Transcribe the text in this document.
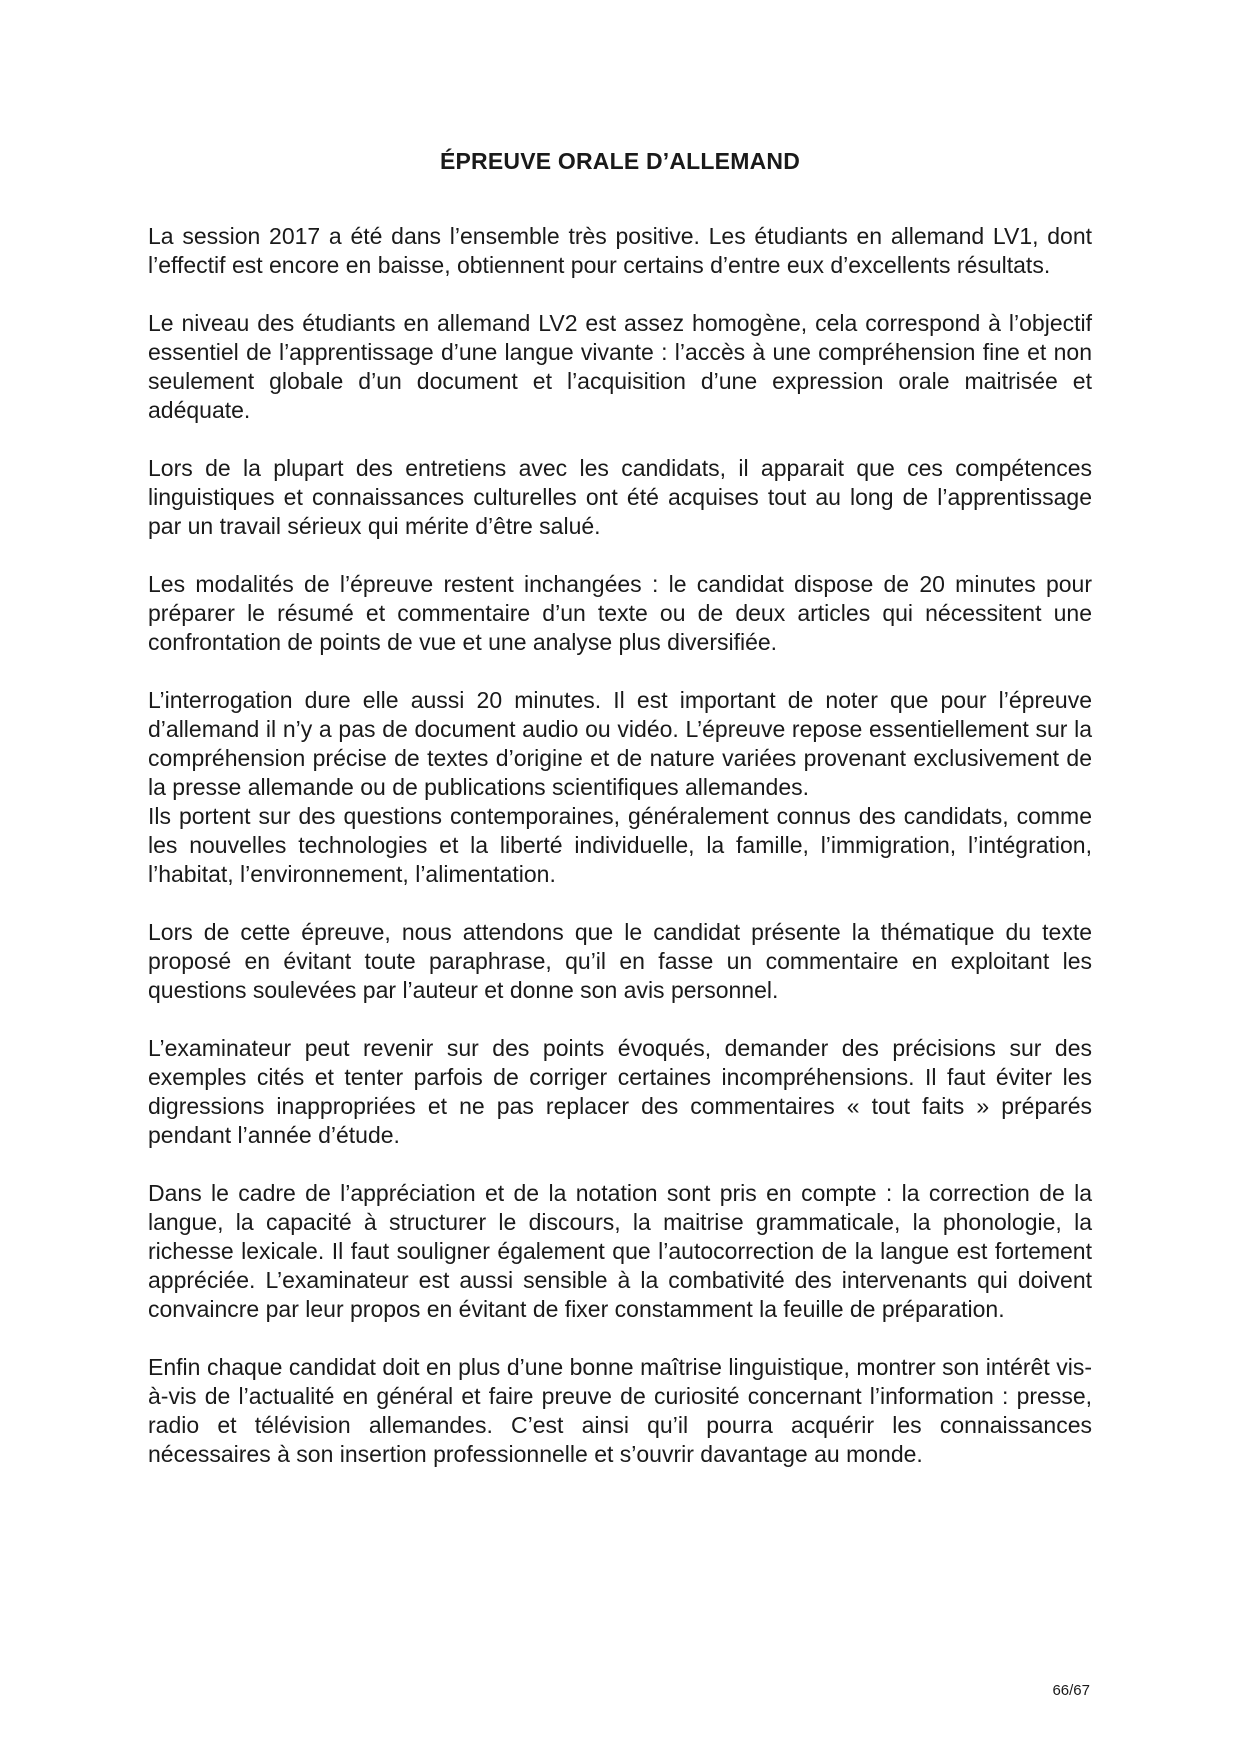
ÉPREUVE ORALE D’ALLEMAND

La session 2017 a été dans l’ensemble très positive. Les étudiants en allemand LV1, dont l’effectif est encore en baisse, obtiennent pour certains d’entre eux d’excellents résultats.

Le niveau des étudiants en allemand LV2 est assez homogène, cela correspond à l’objectif essentiel de l’apprentissage d’une langue vivante : l’accès à une compréhension fine et non seulement globale d’un document et l’acquisition d’une expression orale maitrisée et adéquate.

Lors de la plupart des entretiens avec les candidats, il apparait que ces compétences linguistiques et connaissances culturelles ont été acquises tout au long de l’apprentissage par un travail sérieux qui mérite d’être salué.

Les modalités de l’épreuve restent inchangées : le candidat dispose de 20 minutes pour préparer le résumé et commentaire d’un texte ou de deux articles qui nécessitent une confrontation de points de vue et une analyse plus diversifiée.

L’interrogation dure elle aussi 20 minutes. Il est important de noter que pour l’épreuve d’allemand il n’y a pas de document audio ou vidéo. L’épreuve repose essentiellement sur la compréhension précise de textes d’origine et de nature variées provenant exclusivement de la presse allemande ou de publications scientifiques allemandes.

Ils portent sur des questions contemporaines, généralement connus des candidats, comme les nouvelles technologies et la liberté individuelle, la famille, l’immigration, l’intégration, l’habitat, l’environnement, l’alimentation.

Lors de cette épreuve, nous attendons que le candidat présente la thématique du texte proposé en évitant toute paraphrase, qu’il en fasse un commentaire en exploitant les questions soulevées par l’auteur et donne son avis personnel.

L’examinateur peut revenir sur des points évoqués, demander des précisions sur des exemples cités et tenter parfois de corriger certaines incompréhensions. Il faut éviter les digressions inappropriées et ne pas replacer des commentaires « tout faits » préparés pendant l’année d’étude.

Dans le cadre de l’appréciation et de la notation sont pris en compte : la correction de la langue, la capacité à structurer le discours, la maitrise grammaticale, la phonologie, la richesse lexicale. Il faut souligner également que l’autocorrection de la langue est fortement appréciée. L’examinateur est aussi sensible à la combativité des intervenants qui doivent convaincre par leur propos en évitant de fixer constamment la feuille de préparation.

Enfin chaque candidat doit en plus d’une bonne maîtrise linguistique, montrer son intérêt vis-à-vis de l’actualité en général et faire preuve de curiosité concernant l’information : presse, radio et télévision allemandes. C’est ainsi qu’il pourra acquérir les connaissances nécessaires à son insertion professionnelle et s’ouvrir davantage au monde.

66/67
